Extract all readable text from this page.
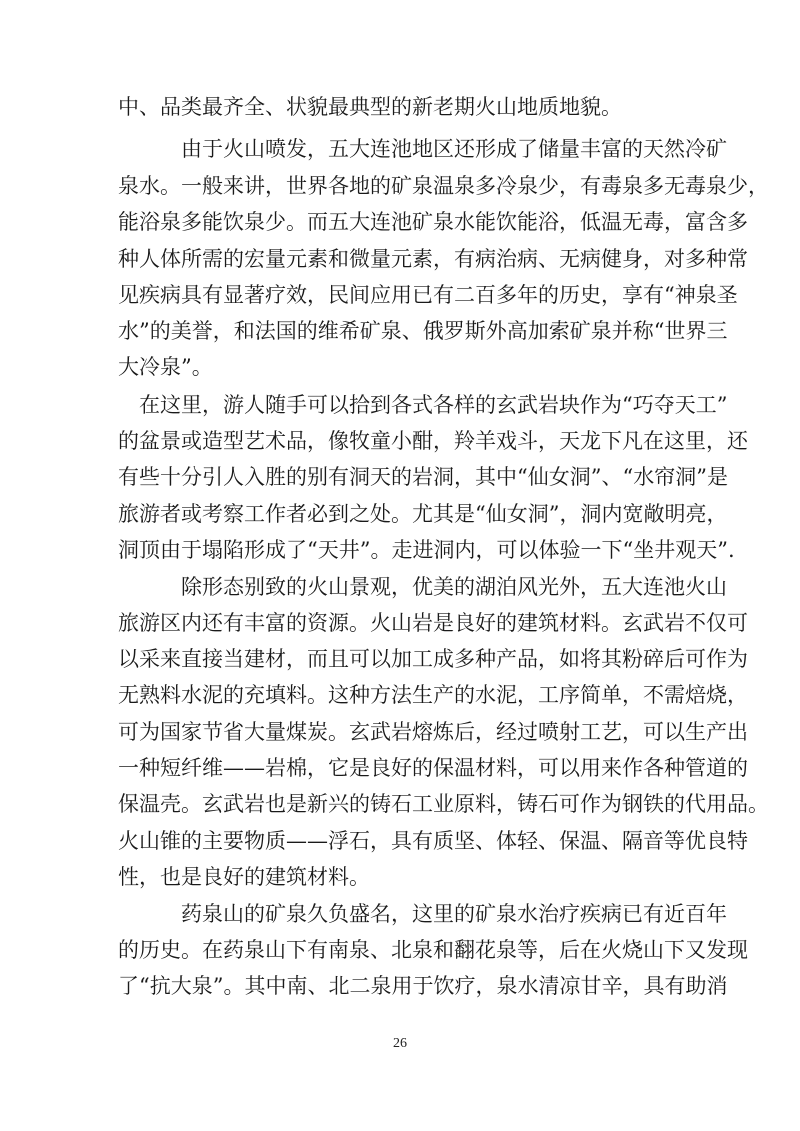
中、品类最齐全、状貌最典型的新老期火山地质地貌。
　　　由于火山喷发，五大连池地区还形成了储量丰富的天然冷矿
泉水。一般来讲，世界各地的矿泉温泉多冷泉少，有毒泉多无毒泉少，
能浴泉多能饮泉少。而五大连池矿泉水能饮能浴，低温无毒，富含多
种人体所需的宏量元素和微量元素，有病治病、无病健身，对多种常
见疾病具有显著疗效，民间应用已有二百多年的历史，享有“神泉圣
水”的美誉，和法国的维希矿泉、俄罗斯外高加索矿泉并称“世界三
大冷泉”。
　在这里，游人随手可以拾到各式各样的玄武岩块作为“巧夺天工”
的盆景或造型艺术品，像牧童小酣，羚羊戏斗，天龙下凡在这里，还
有些十分引人入胜的别有洞天的岩洞，其中“仙女洞”、“水帘洞”是
旅游者或考察工作者必到之处。尤其是“仙女洞”，洞内宽敞明亮，
洞顶由于塌陷形成了“天井”。走进洞内，可以体验一下“坐井观天”.
　　　除形态别致的火山景观，优美的湖泊风光外，五大连池火山
旅游区内还有丰富的资源。火山岩是良好的建筑材料。玄武岩不仅可
以采来直接当建材，而且可以加工成多种产品，如将其粉碎后可作为
无熟料水泥的充填料。这种方法生产的水泥，工序简单，不需焙烧，
可为国家节省大量煤炭。玄武岩熔炼后，经过喷射工艺，可以生产出
一种短纤维——岩棉，它是良好的保温材料，可以用来作各种管道的
保温壳。玄武岩也是新兴的铸石工业原料，铸石可作为钢铁的代用品。
火山锥的主要物质——浮石，具有质坚、体轻、保温、隔音等优良特
性，也是良好的建筑材料。
　　　药泉山的矿泉久负盛名，这里的矿泉水治疗疾病已有近百年
的历史。在药泉山下有南泉、北泉和翻花泉等，后在火烧山下又发现
了“抗大泉”。其中南、北二泉用于饮疗，泉水清凉甘辛，具有助消
26
